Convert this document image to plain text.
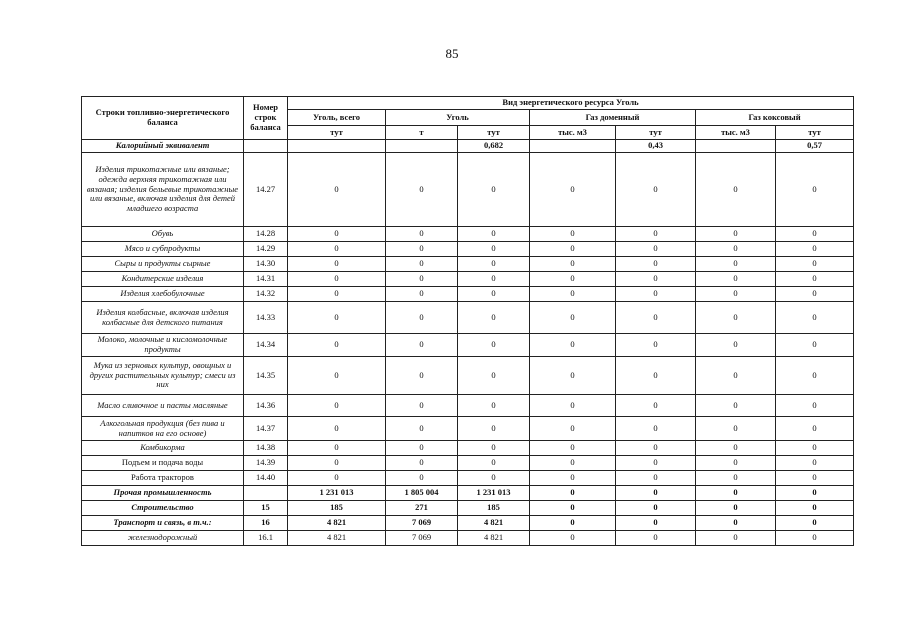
85
Строки топливно-энергетического баланса	Номер строк баланса	Вид энергетического ресурса Уголь						
		Уголь, всего	Уголь		Газ доменный		Газ коксовый	
		тут	т	тут	тыс. м3	тут	тыс. м3	тут
Калорийный эквивалент				0,682		0,43		0,57
Изделия трикотажные или вязаные; одежда верхняя трикотажная или вязаная; изделия бельевые трикотажные или вязаные, включая изделия для детей младшего возраста	14.27	0	0	0	0	0	0	0
Обувь	14.28	0	0	0	0	0	0	0
Мясо и субпродукты	14.29	0	0	0	0	0	0	0
Сыры и продукты сырные	14.30	0	0	0	0	0	0	0
Кондитерские изделия	14.31	0	0	0	0	0	0	0
Изделия хлебобулочные	14.32	0	0	0	0	0	0	0
Изделия колбасные, включая изделия колбасные для детского питания	14.33	0	0	0	0	0	0	0
Молоко, молочные и кисломолочные продукты	14.34	0	0	0	0	0	0	0
Мука из зерновых культур, овощных и других растительных культур; смеси из них	14.35	0	0	0	0	0	0	0
Масло сливочное и пасты масляные	14.36	0	0	0	0	0	0	0
Алкогольная продукция (без пива и напитков на его основе)	14.37	0	0	0	0	0	0	0
Комбикорма	14.38	0	0	0	0	0	0	0
Подъем и подача воды	14.39	0	0	0	0	0	0	0
Работа тракторов	14.40	0	0	0	0	0	0	0
Прочая промышленность		1 231 013	1 805 004	1 231 013	0	0	0	0
Строительство	15	185	271	185	0	0	0	0
Транспорт и связь, в т.ч.:	16	4 821	7 069	4 821	0	0	0	0
железнодорожный	16.1	4 821	7 069	4 821	0	0	0	0
